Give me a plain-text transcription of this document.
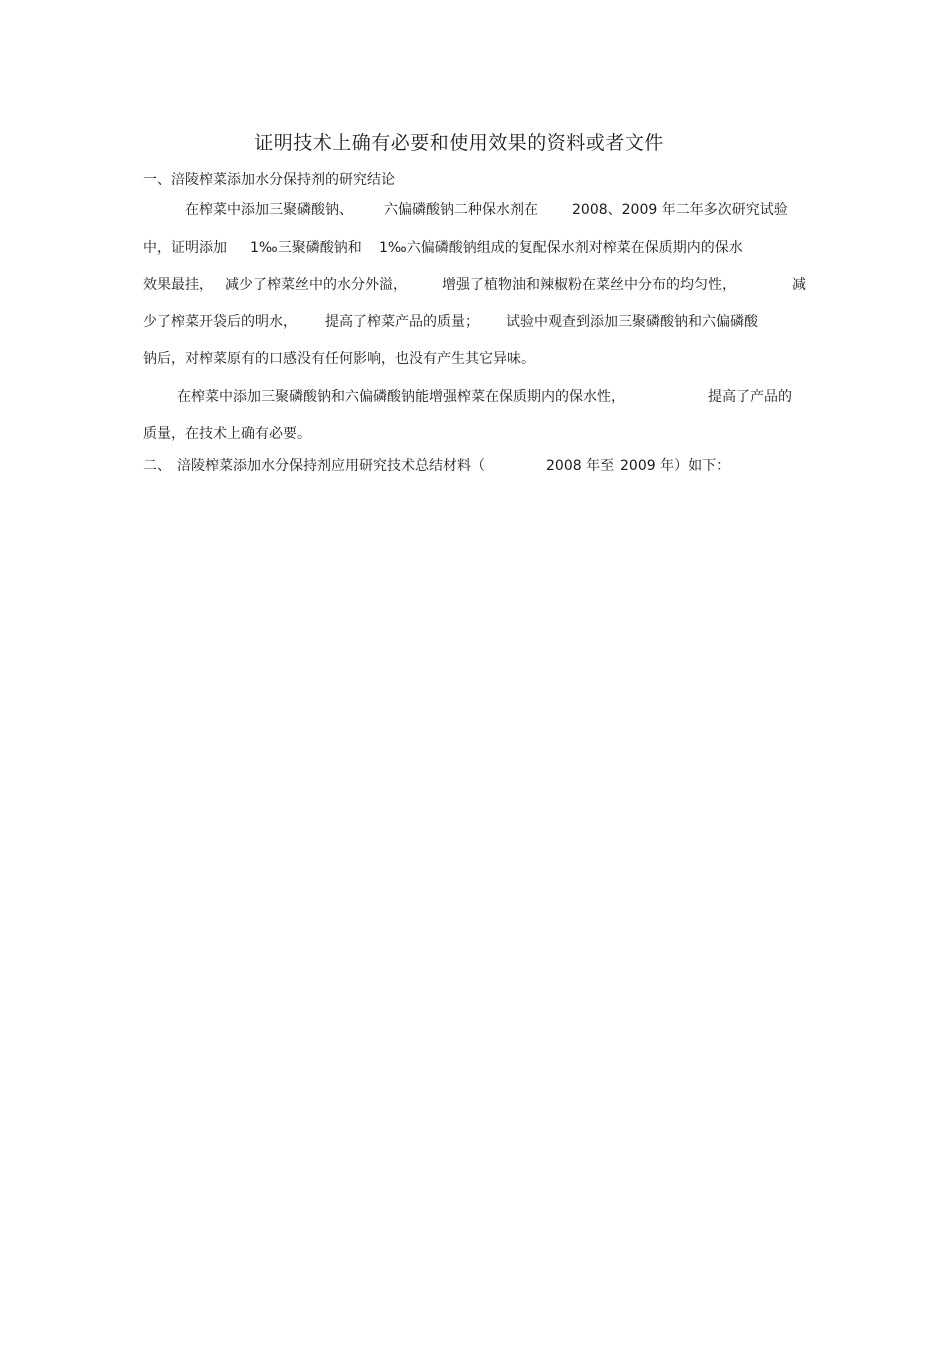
证明技术上确有必要和使用效果的资料或者文件
一、涪陵榨菜添加水分保持剂的研究结论
在榨菜中添加三聚磷酸钠、 六偏磷酸钠二种保水剂在 2008、2009 年二年多次研究试验
中，证明添加 1‰三聚磷酸钠和 1‰六偏磷酸钠组成的复配保水剂对榨菜在保质期内的保水
效果最挂， 减少了榨菜丝中的水分外溢，	增强了植物油和辣椒粉在菜丝中分布的均匀性，	减
少了榨菜开袋后的明水， 提高了榨菜产品的质量； 试验中观查到添加三聚磷酸钠和六偏磷酸
钠后，对榨菜原有的口感没有任何影响，也没有产生其它异味。
在榨菜中添加三聚磷酸钠和六偏磷酸钠能增强榨菜在保质期内的保水性，	提高了产品的
质量，在技术上确有必要。
二、 涪陵榨菜添加水分保持剂应用研究技术总结材料（	2008 年至 2009 年）如下：
